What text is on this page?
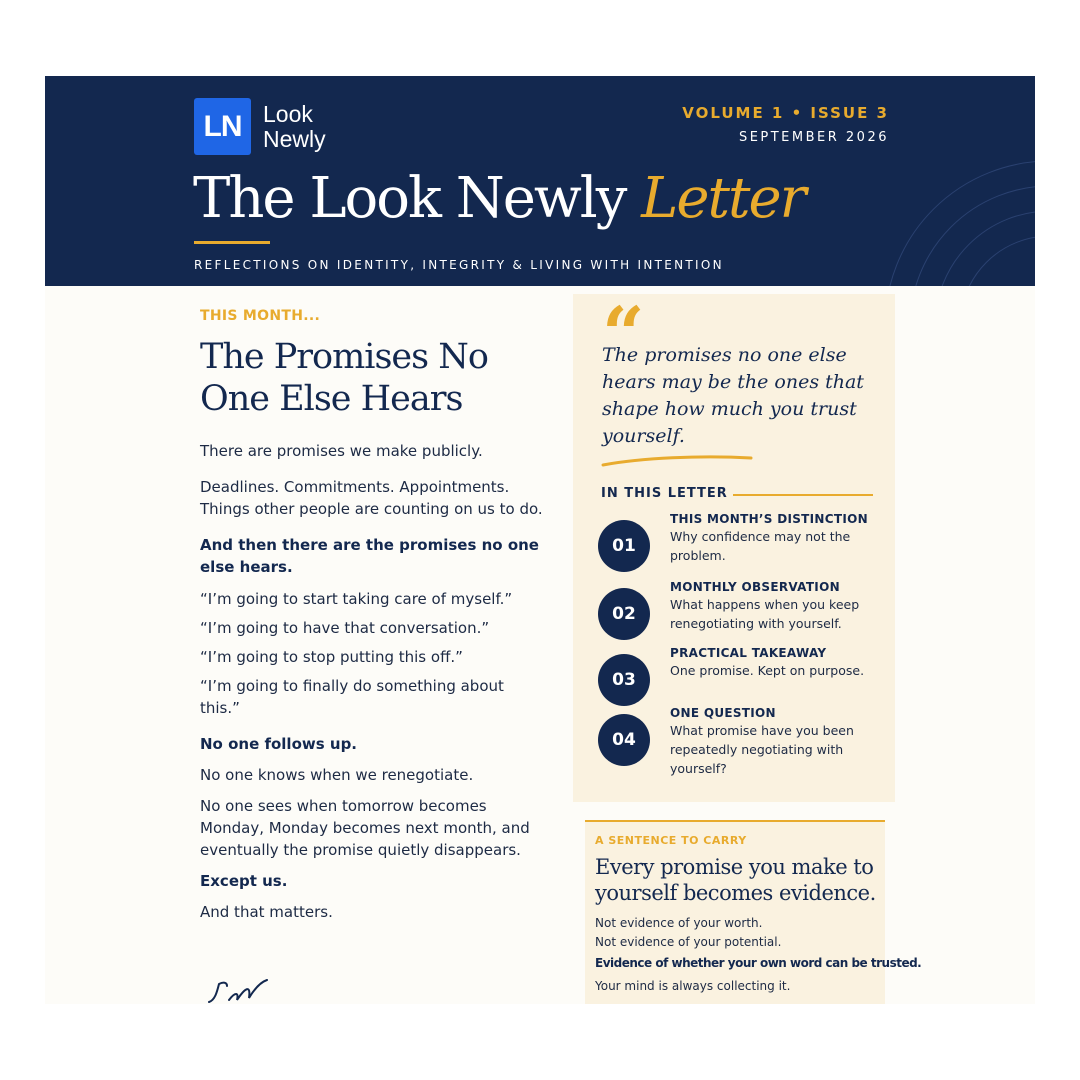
LN Look
Newly
VOLUME 1 • ISSUE 3
SEPTEMBER 2026
The Look Newly Letter
REFLECTIONS ON IDENTITY, INTEGRITY & LIVING WITH INTENTION
“
The promises no one else hears may be the ones that shape how much you trust yourself.
IN THIS LETTER
01
THIS MONTH’S DISTINCTION
Why confidence may not the problem.
02
MONTHLY OBSERVATION
What happens when you keep renegotiating with yourself.
03
PRACTICAL TAKEAWAY
One promise. Kept on purpose.
04
ONE QUESTION
What promise have you been repeatedly negotiating with yourself?
A SENTENCE TO CARRY
Every promise you make to yourself becomes evidence.
Not evidence of your worth.
Not evidence of your potential.
Evidence of whether your own word can be trusted.
Your mind is always collecting it.
THIS MONTH...
The Promises No
One Else Hears
There are promises we make publicly.
Deadlines. Commitments. Appointments. Things other people are counting on us to do.
And then there are the promises no one else hears.
“I’m going to start taking care of myself.”
“I’m going to have that conversation.”
“I’m going to stop putting this off.”
“I’m going to finally do something about this.”
No one follows up.
No one knows when we renegotiate.
No one sees when tomorrow becomes Monday, Monday becomes next month, and eventually the promise quietly disappears.
Except us.
And that matters.
